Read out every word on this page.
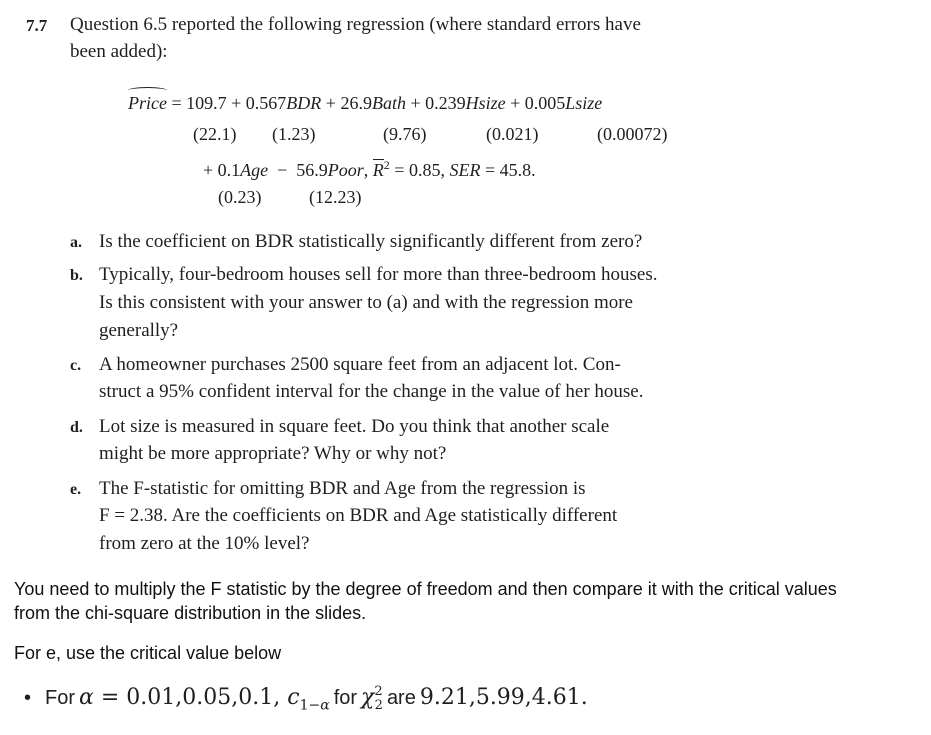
7.7 Question 6.5 reported the following regression (where standard errors have
been added):
Price = 109.7 + 0.567BDR + 26.9Bath + 0.239Hsize + 0.005Lsize
(22.1) (1.23)	(9.76)	(0.021)	(0.00072)
+ 0.1Age  −  56.9Poor, $R^2 = 0.85$, SER = 45.8.
(0.23)	(12.23)
a. Is the coefficient on BDR statistically significantly different from zero?
b. Typically, four-bedroom houses sell for more than three-bedroom houses.
Is this consistent with your answer to (a) and with the regression more
generally?
c. A homeowner purchases 2500 square feet from an adjacent lot. Con-
struct a 95% confident interval for the change in the value of her house.
d. Lot size is measured in square feet. Do you think that another scale
might be more appropriate? Why or why not?
e. The F-statistic for omitting BDR and Age from the regression is
F = 2.38. Are the coefficients on BDR and Age statistically different
from zero at the 10% level?
You need to multiply the F statistic by the degree of freedom and then compare it with the critical values
from the chi-square distribution in the slides.
For e, use the critical value below
• For α = 0.01,0.05,0.1, $c_{1-\alpha}$ for $\chi^2_2$ are 9.21,5.99,4.61.
